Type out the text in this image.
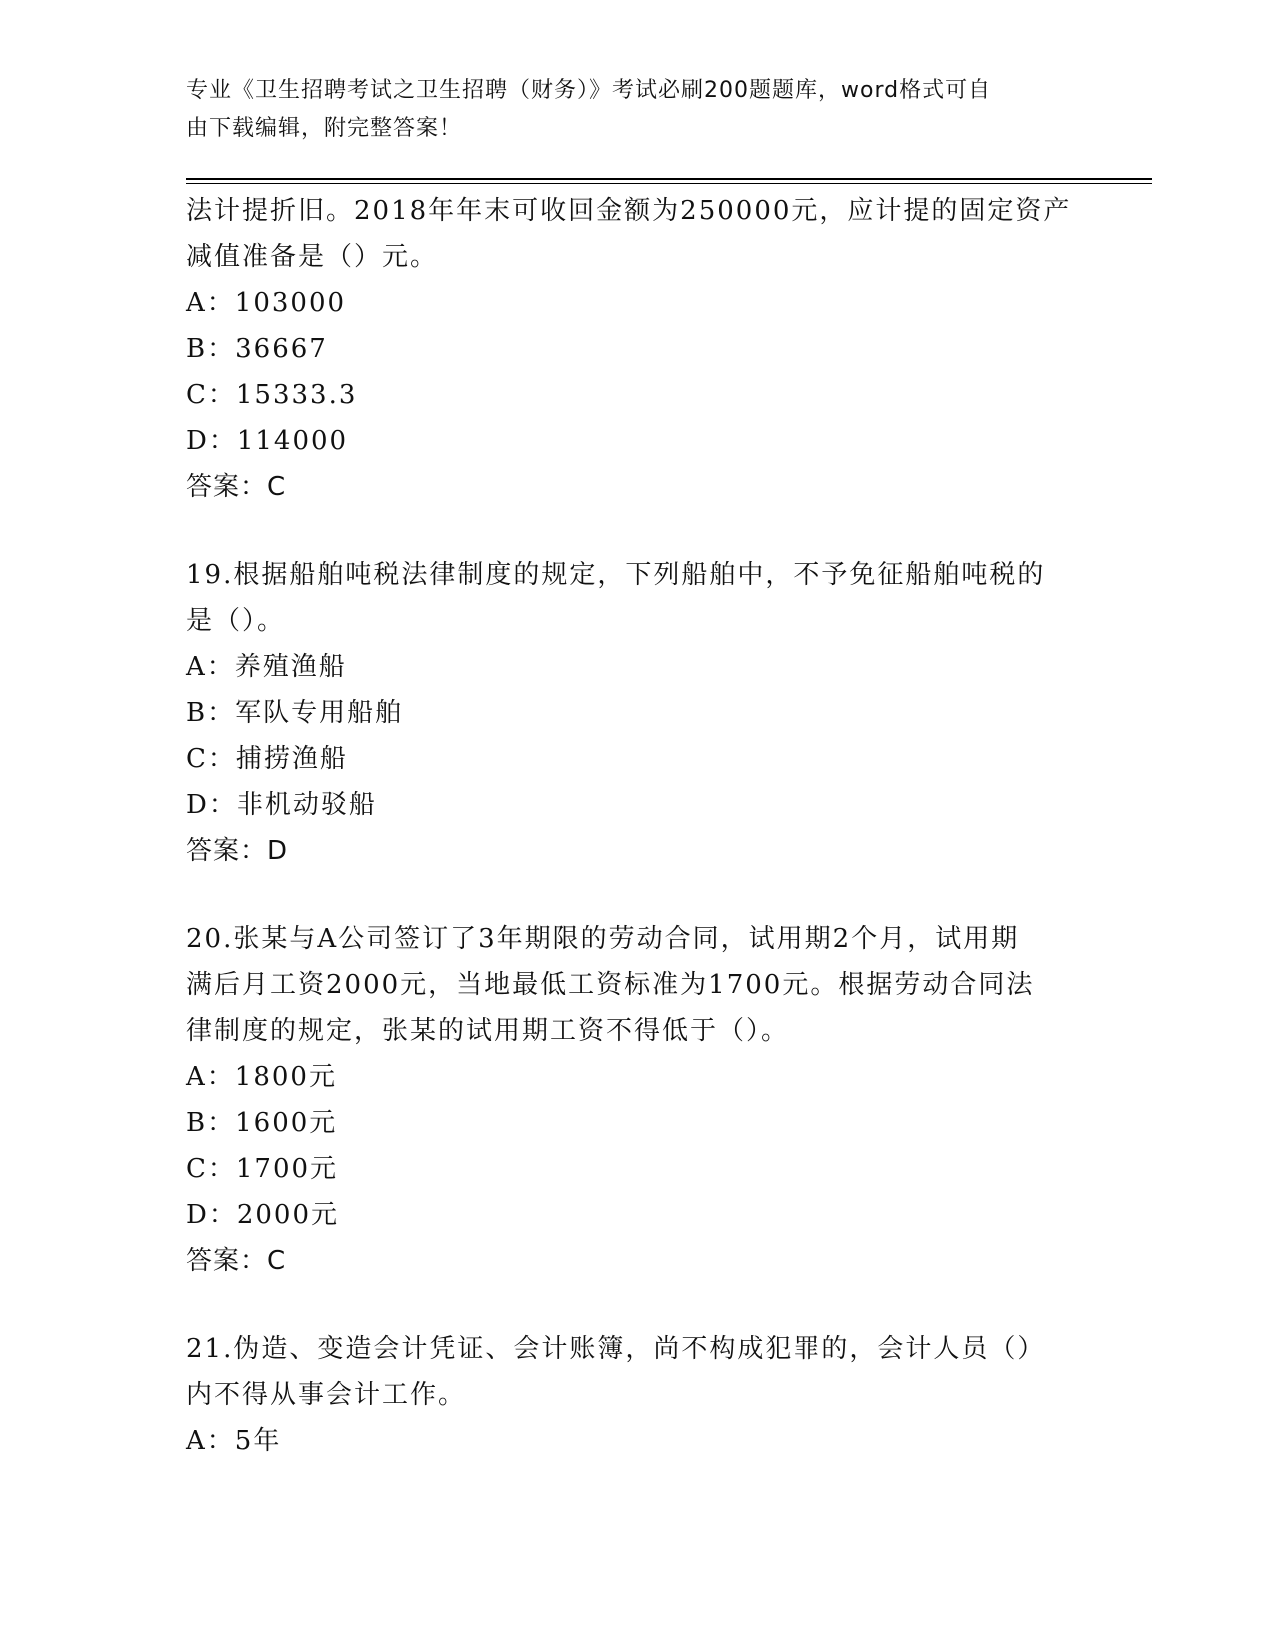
专业《卫生招聘考试之卫生招聘（财务）》考试必刷200题题库，word格式可自
由下载编辑，附完整答案！
法计提折旧。2018年年末可收回金额为250000元，应计提的固定资产
减值准备是（）元。
A：103000
B：36667
C：15333.3
D：114000
答案：C
19.根据船舶吨税法律制度的规定，下列船舶中，不予免征船舶吨税的
是（）。
A：养殖渔船
B：军队专用船舶
C：捕捞渔船
D：非机动驳船
答案：D
20.张某与A公司签订了3年期限的劳动合同，试用期2个月，试用期
满后月工资2000元，当地最低工资标准为1700元。根据劳动合同法
律制度的规定，张某的试用期工资不得低于（）。
A：1800元
B：1600元
C：1700元
D：2000元
答案：C
21.伪造、变造会计凭证、会计账簿，尚不构成犯罪的，会计人员（）
内不得从事会计工作。
A：5年
